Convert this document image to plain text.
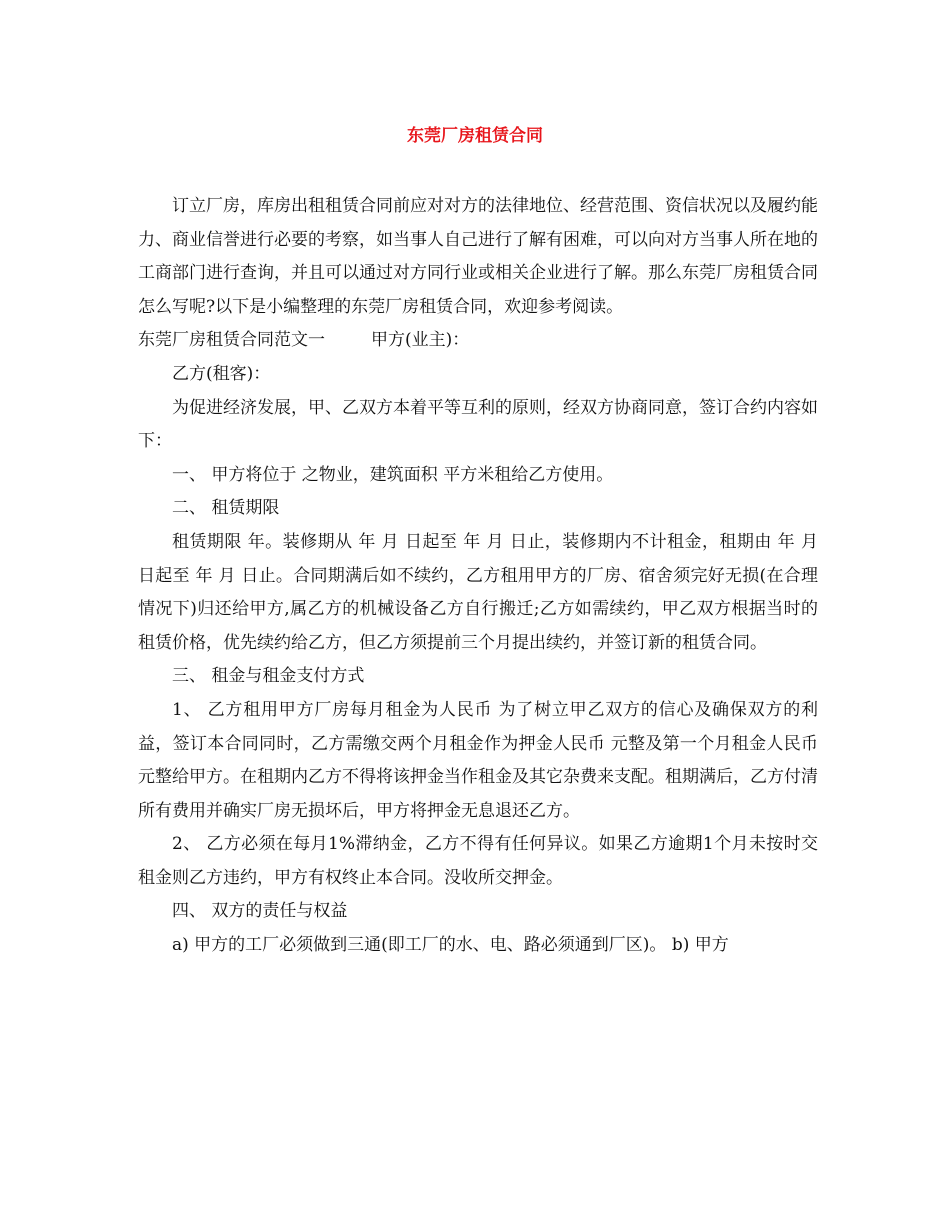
东莞厂房租赁合同

订立厂房，库房出租租赁合同前应对对方的法律地位、经营范围、资信状况以及履约能力、商业信誉进行必要的考察，如当事人自己进行了解有困难，可以向对方当事人所在地的工商部门进行查询，并且可以通过对方同行业或相关企业进行了解。那么东莞厂房租赁合同怎么写呢?以下是小编整理的东莞厂房租赁合同，欢迎参考阅读。

东莞厂房租赁合同范文一	甲方(业主)：

乙方(租客)：

为促进经济发展，甲、乙双方本着平等互利的原则，经双方协商同意，签订合约内容如下：

一、 甲方将位于 之物业，建筑面积 平方米租给乙方使用。

二、 租赁期限

租赁期限 年。装修期从 年 月 日起至 年 月 日止，装修期内不计租金，租期由 年 月 日起至 年 月 日止。合同期满后如不续约，乙方租用甲方的厂房、宿舍须完好无损(在合理情况下)归还给甲方,属乙方的机械设备乙方自行搬迁;乙方如需续约，甲乙双方根据当时的租赁价格，优先续约给乙方，但乙方须提前三个月提出续约，并签订新的租赁合同。

三、 租金与租金支付方式

1、 乙方租用甲方厂房每月租金为人民币 为了树立甲乙双方的信心及确保双方的利益，签订本合同同时，乙方需缴交两个月租金作为押金人民币 元整及第一个月租金人民币 元整给甲方。在租期内乙方不得将该押金当作租金及其它杂费来支配。租期满后，乙方付清所有费用并确实厂房无损坏后，甲方将押金无息退还乙方。

2、 乙方必须在每月1%滞纳金，乙方不得有任何异议。如果乙方逾期1个月未按时交租金则乙方违约，甲方有权终止本合同。没收所交押金。

四、 双方的责任与权益

a) 甲方的工厂必须做到三通(即工厂的水、电、路必须通到厂区)。 b) 甲方
